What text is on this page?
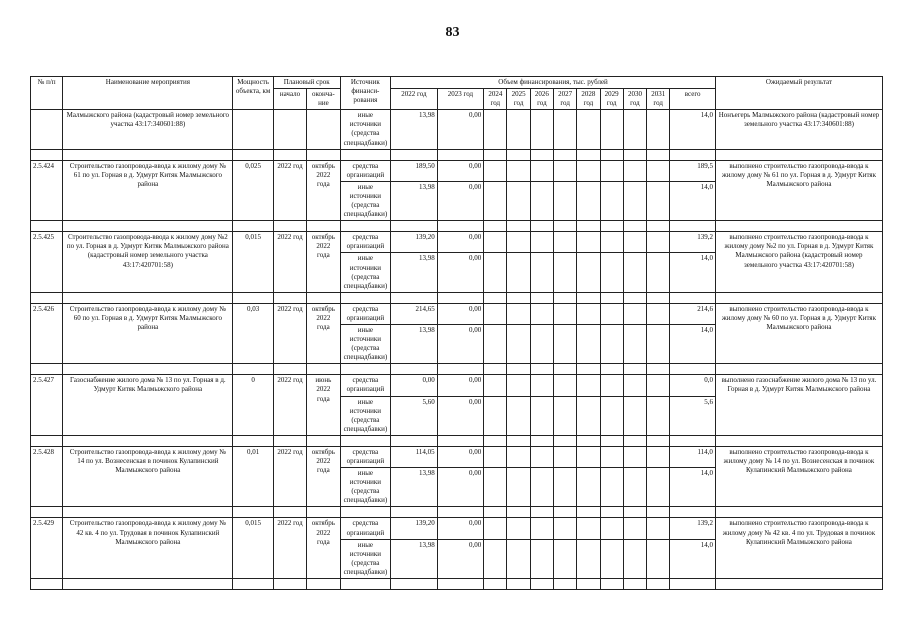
83
№ п/п	Наименование мероприятия	Мощность объекта, км	Плановый срок		Источник финанси-рования	Объем финансирования, тыс. рублей											Ожидаемый результат
			начало	оконча-ние		2022 год	2023 год	2024 год	2025 год	2026 год	2027 год	2028 год	2029 год	2030 год	2031 год	всего	
	Малмыжского района (кадастровый номер земельного участка 43:17:340601:88)				иные источники (средства спецнадбавки)	13,98	0,00									14,0	Нонъегерь Малмыжского района (кадастровый номер земельного участка 43:17:340601:88)

2.5.424	Строительство газопровода-ввода к жилому дому № 61 по ул. Горная в д. Удмурт Китяк Малмыжского района	0,025	2022 год	октябрь 2022 года	средства организаций	189,50	0,00									189,5	выполнено строительство газопровода-ввода к жилому дому № 61 по ул. Горная в д. Удмурт Китяк Малмыжского района
					иные источники (средства спецнадбавки)	13,98	0,00									14,0	

2.5.425	Строительство газопровода-ввода к жилому дому №2 по ул. Горная в д. Удмурт Китяк Малмыжского района (кадастровый номер земельного участка 43:17:420701:58)	0,015	2022 год	октябрь 2022 года	средства организаций	139,20	0,00									139,2	выполнено строительство газопровода-ввода к жилому дому №2 по ул. Горная в д. Удмурт Китяк Малмыжского района (кадастровый номер земельного участка 43:17:420701:58)
					иные источники (средства спецнадбавки)	13,98	0,00									14,0	

2.5.426	Строительство газопровода-ввода к жилому дому № 60 по ул. Горная в д. Удмурт Китяк Малмыжского района	0,03	2022 год	октябрь 2022 года	средства организаций	214,65	0,00									214,6	выполнено строительство газопровода-ввода к жилому дому № 60 по ул. Горная в д. Удмурт Китяк Малмыжского района
					иные источники (средства спецнадбавки)	13,98	0,00									14,0	

2.5.427	Газоснабжение жилого дома № 13 по ул. Горная в д. Удмурт Китяк Малмыжского района	0	2022 год	июнь 2022 года	средства организаций	0,00	0,00									0,0	выполнено газоснабжение жилого дома № 13 по ул. Горная в д. Удмурт Китяк Малмыжского района
					иные источники (средства спецнадбавки)	5,60	0,00									5,6	

2.5.428	Строительство газопровода-ввода к жилому дому № 14 по ул. Вознесенская в починок Кулапинский Малмыжского района	0,01	2022 год	октябрь 2022 года	средства организаций	114,05	0,00									114,0	выполнено строительство газопровода-ввода к жилому дому № 14 по ул. Вознесенская в починок Кулапинский Малмыжского района
					иные источники (средства спецнадбавки)	13,98	0,00									14,0	

2.5.429	Строительство газопровода-ввода к жилому дому № 42 кв. 4 по ул. Трудовая в починок Кулапинский Малмыжского района	0,015	2022 год	октябрь 2022 года	средства организаций	139,20	0,00									139,2	выполнено строительство газопровода-ввода к жилому дому № 42 кв. 4 по ул. Трудовая в починок Кулапинский Малмыжского района
					иные источники (средства спецнадбавки)	13,98	0,00									14,0	
